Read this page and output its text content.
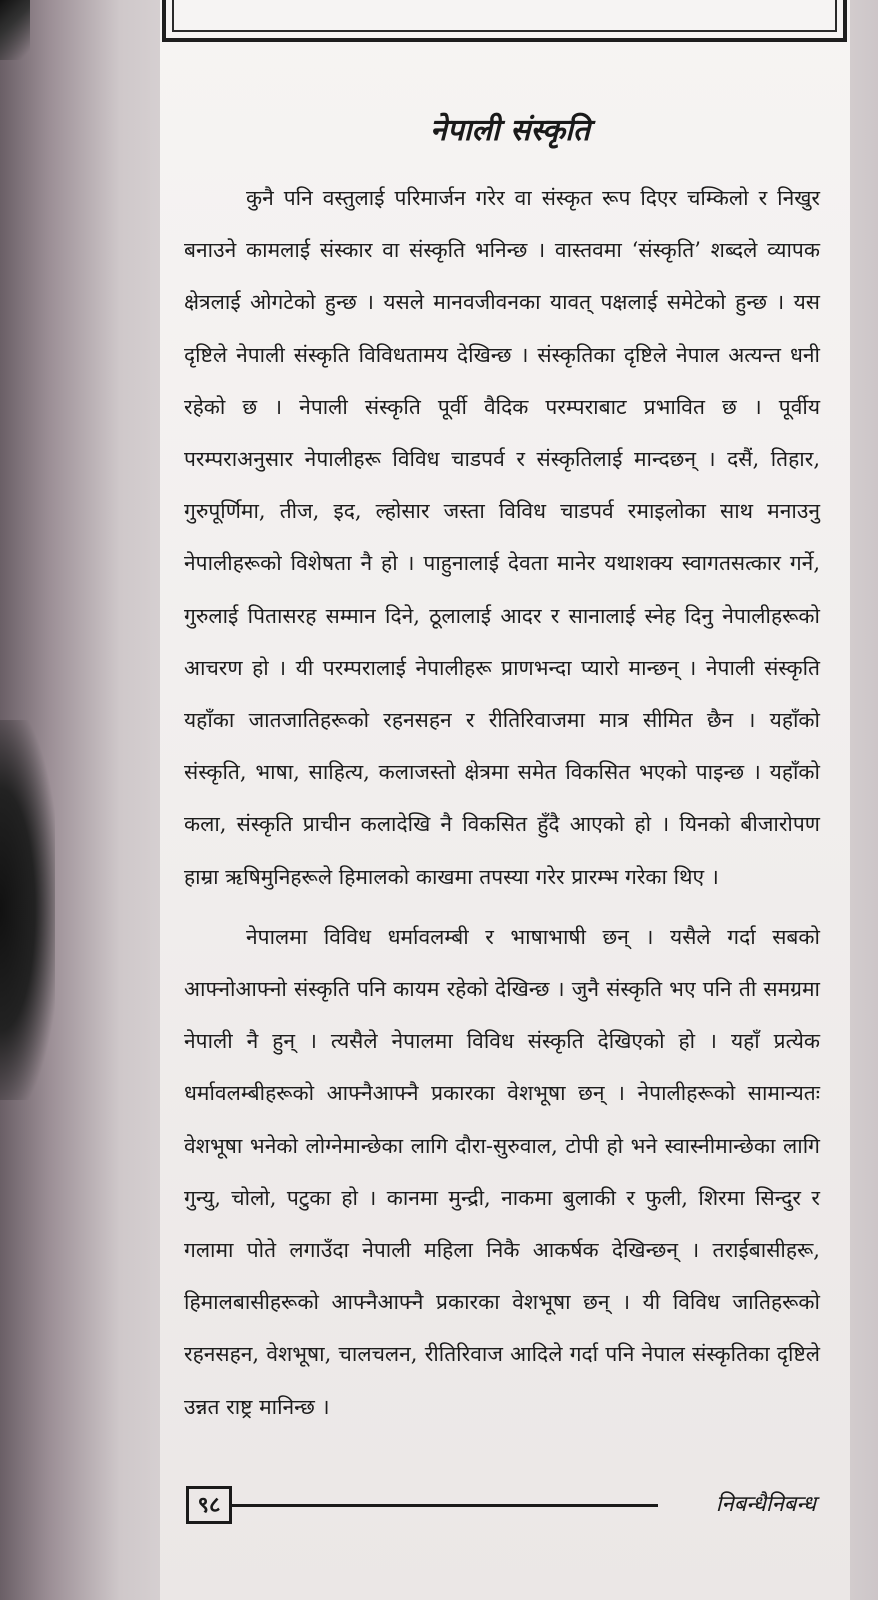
नेपाली संस्कृति

कुनै पनि वस्तुलाई परिमार्जन गरेर वा संस्कृत रूप दिएर चम्किलो र निखुर बनाउने कामलाई संस्कार वा संस्कृति भनिन्छ । वास्तवमा ‘संस्कृति’ शब्दले व्यापक क्षेत्रलाई ओगटेको हुन्छ । यसले मानवजीवनका यावत् पक्षलाई समेटेको हुन्छ । यस दृष्टिले नेपाली संस्कृति विविधतामय देखिन्छ । संस्कृतिका दृष्टिले नेपाल अत्यन्त धनी रहेको छ । नेपाली संस्कृति पूर्वी वैदिक परम्पराबाट प्रभावित छ । पूर्वीय परम्पराअनुसार नेपालीहरू विविध चाडपर्व र संस्कृतिलाई मान्दछन् । दसैं, तिहार, गुरुपूर्णिमा, तीज, इद, ल्होसार जस्ता विविध चाडपर्व रमाइलोका साथ मनाउनु नेपालीहरूको विशेषता नै हो । पाहुनालाई देवता मानेर यथाशक्य स्वागतसत्कार गर्ने, गुरुलाई पितासरह सम्मान दिने, ठूलालाई आदर र सानालाई स्नेह दिनु नेपालीहरूको आचरण हो । यी परम्परालाई नेपालीहरू प्राणभन्दा प्यारो मान्छन् । नेपाली संस्कृति यहाँका जातजातिहरूको रहनसहन र रीतिरिवाजमा मात्र सीमित छैन । यहाँको संस्कृति, भाषा, साहित्य, कलाजस्तो क्षेत्रमा समेत विकसित भएको पाइन्छ । यहाँको कला, संस्कृति प्राचीन कलादेखि नै विकसित हुँदै आएको हो । यिनको बीजारोपण हाम्रा ऋषिमुनिहरूले हिमालको काखमा तपस्या गरेर प्रारम्भ गरेका थिए ।

नेपालमा विविध धर्मावलम्बी र भाषाभाषी छन् । यसैले गर्दा सबको आफ्नोआफ्नो संस्कृति पनि कायम रहेको देखिन्छ । जुनै संस्कृति भए पनि ती समग्रमा नेपाली नै हुन् । त्यसैले नेपालमा विविध संस्कृति देखिएको हो । यहाँ प्रत्येक धर्मावलम्बीहरूको आफ्नैआफ्नै प्रकारका वेशभूषा छन् । नेपालीहरूको सामान्यतः वेशभूषा भनेको लोग्नेमान्छेका लागि दौरा-सुरुवाल, टोपी हो भने स्वास्नीमान्छेका लागि गुन्यु, चोलो, पटुका हो । कानमा मुन्द्री, नाकमा बुलाकी र फुली, शिरमा सिन्दुर र गलामा पोते लगाउँदा नेपाली महिला निकै आकर्षक देखिन्छन् । तराईबासीहरू, हिमालबासीहरूको आफ्नैआफ्नै प्रकारका वेशभूषा छन् । यी विविध जातिहरूको रहनसहन, वेशभूषा, चालचलन, रीतिरिवाज आदिले गर्दा पनि नेपाल संस्कृतिका दृष्टिले उन्नत राष्ट्र मानिन्छ ।

९८	निबन्धैनिबन्ध
